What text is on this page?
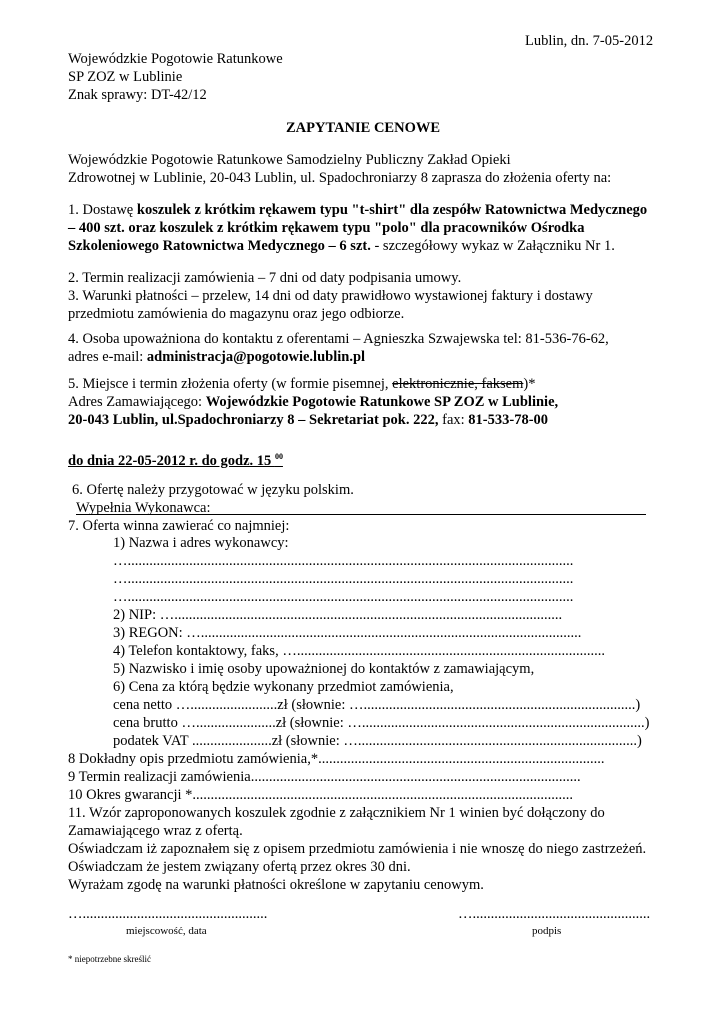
Lublin, dn. 7-05-2012
Wojewódzkie Pogotowie Ratunkowe
SP ZOZ w Lublinie
Znak sprawy: DT-42/12
ZAPYTANIE CENOWE
Wojewódzkie Pogotowie Ratunkowe Samodzielny Publiczny Zakład Opieki
Zdrowotnej w Lublinie, 20-043 Lublin, ul. Spadochroniarzy 8 zaprasza do złożenia oferty na:
1. Dostawę koszulek z krótkim rękawem typu "t-shirt" dla zespółw Ratownictwa Medycznego
– 400 szt. oraz koszulek z krótkim rękawem typu "polo" dla pracowników Ośrodka
Szkoleniowego Ratownictwa Medycznego – 6 szt. - szczegółowy wykaz w Załączniku Nr 1.
2. Termin realizacji zamówienia – 7 dni od daty podpisania umowy.
3. Warunki płatności – przelew, 14 dni od daty prawidłowo wystawionej faktury i dostawy
przedmiotu zamówienia do magazynu oraz jego odbiorze.
4. Osoba upoważniona do kontaktu z oferentami – Agnieszka Szwajewska tel: 81-536-76-62,
adres e-mail: administracja@pogotowie.lublin.pl
5. Miejsce i termin złożenia oferty (w formie pisemnej, elektronicznie, faksem)*
Adres Zamawiającego: Wojewódzkie Pogotowie Ratunkowe SP ZOZ w Lublinie,
20-043 Lublin, ul.Spadochroniarzy 8 – Sekretariat pok. 222, fax: 81-533-78-00
do dnia 22-05-2012 r. do godz. 15 $^{00}$
6. Ofertę należy przygotować w języku polskim.
Wypełnia Wykonawca:
7. Oferta winna zawierać co najmniej:
1) Nazwa i adres wykonawcy:
…...........................................................................................................................
…...........................................................................................................................
…...........................................................................................................................
2) NIP: …...........................................................................................................
3) REGON: ….........................................................................................................
4) Telefon kontaktowy, faks, ….....................................................................................
5) Nazwisko i imię osoby upoważnionej do kontaktów z zamawiającym,
6) Cena za którą będzie wykonany przedmiot zamówienia,
cena netto …........................zł (słownie: …...........................................................................)
cena brutto …......................zł (słownie: …..............................................................................)
podatek VAT ......................zł (słownie: ….............................................................................)
8 Dokładny opis przedmiotu zamówienia,*...............................................................................
9 Termin realizacji zamówienia...........................................................................................
10 Okres gwarancji *.........................................................................................................
11. Wzór zaproponowanych koszulek zgodnie z załącznikiem Nr 1 winien być dołączony do
Zamawiającego wraz z ofertą.
Oświadczam iż zapoznałem się z opisem przedmiotu zamówienia i nie wnoszę do niego zastrzeżeń.
Oświadczam że jestem związany ofertą przez okres 30 dni.
Wyrażam zgodę na warunki płatności określone w zapytaniu cenowym.
…...................................................	….................................................
miejscowość, data	podpis
* niepotrzebne skreślić
